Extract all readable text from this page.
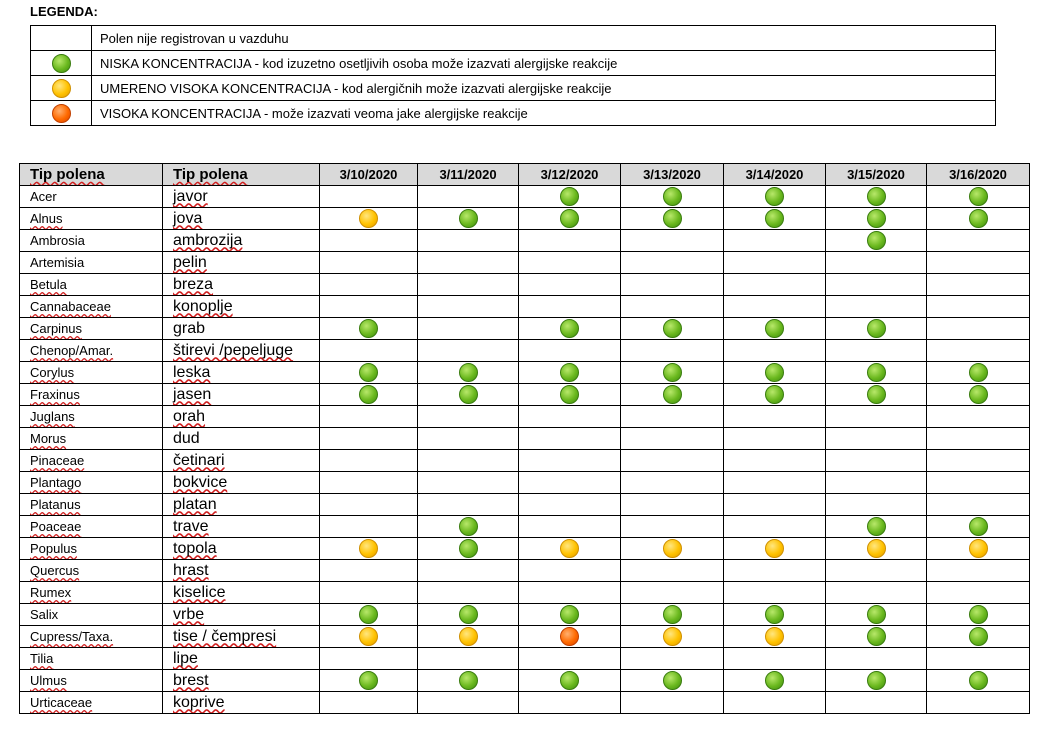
LEGENDA:
	Polen nije registrovan u vazduhu
	NISKA KONCENTRACIJA - kod izuzetno osetljivih osoba može izazvati alergijske reakcije
	UMERENO VISOKA KONCENTRACIJA - kod alergičnih može izazvati alergijske reakcije
	VISOKA KONCENTRACIJA - može izazvati veoma jake alergijske reakcije
Tip polena	Tip polena	3/10/2020	3/11/2020	3/12/2020	3/13/2020	3/14/2020	3/15/2020	3/16/2020
Acer	javor							
Alnus	jova							
Ambrosia	ambrozija							
Artemisia	pelin							
Betula	breza							
Cannabaceae	konoplje							
Carpinus	grab							
Chenop/Amar.	štirevi /pepeljuge							
Corylus	leska							
Fraxinus	jasen							
Juglans	orah							
Morus	dud							
Pinaceae	četinari							
Plantago	bokvice							
Platanus	platan							
Poaceae	trave							
Populus	topola							
Quercus	hrast							
Rumex	kiselice							
Salix	vrbe							
Cupress/Taxa.	tise / čempresi							
Tilia	lipe							
Ulmus	brest							
Urticaceae	koprive							
